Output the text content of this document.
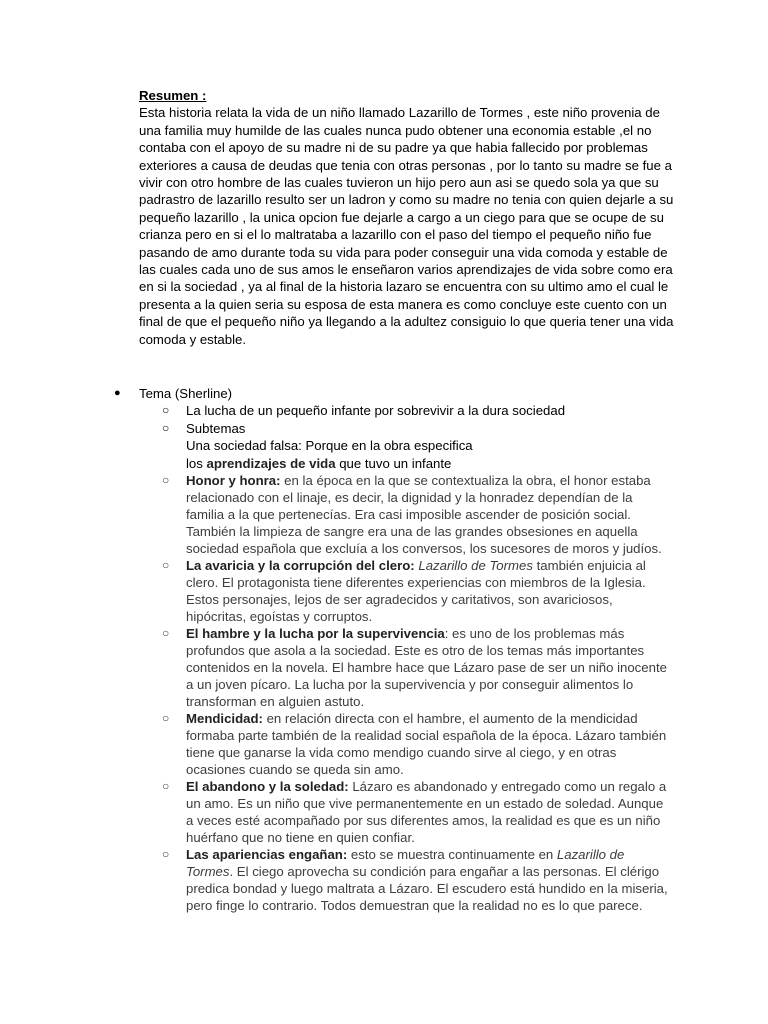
Resumen :
Esta historia relata la vida de un niño llamado Lazarillo de Tormes , este niño provenia de una familia muy humilde de las cuales nunca pudo obtener una economia estable ,el no contaba con el apoyo de su madre ni de su padre ya que habia fallecido por problemas exteriores a causa de deudas que tenia con otras personas , por lo tanto su madre se fue a vivir con otro hombre de las cuales tuvieron un hijo pero aun asi se quedo sola ya que su padrastro de lazarillo resulto ser un ladron y como su madre no tenia con quien dejarle a su pequeño lazarillo , la unica opcion fue dejarle a cargo a un ciego para que se ocupe de su crianza pero en si el lo maltrataba a lazarillo con el paso del tiempo el pequeño niño fue pasando de amo durante toda su vida para poder conseguir una vida comoda y estable de las cuales cada uno de sus amos le enseñaron varios aprendizajes de vida sobre como era en si la sociedad , ya al final de la historia lazaro se encuentra con su ultimo amo el cual le presenta a la quien seria su esposa de esta manera es como concluye este cuento con un final de que el pequeño niño ya llegando a la adultez consiguio lo que queria tener una vida comoda y estable.
● Tema (Sherline)
○ La lucha de un pequeño infante por sobrevivir a la dura sociedad
○ Subtemas
Una sociedad falsa: Porque en la obra especifica
los aprendizajes de vida que tuvo un infante
○ Honor y honra: en la época en la que se contextualiza la obra, el honor estaba relacionado con el linaje, es decir, la dignidad y la honradez dependían de la familia a la que pertenecías. Era casi imposible ascender de posición social. También la limpieza de sangre era una de las grandes obsesiones en aquella sociedad española que excluía a los conversos, los sucesores de moros y judíos.

○ La avaricia y la corrupción del clero: Lazarillo de Tormes también enjuicia al clero. El protagonista tiene diferentes experiencias con miembros de la Iglesia. Estos personajes, lejos de ser agradecidos y caritativos, son avariciosos, hipócritas, egoístas y corruptos.

○ El hambre y la lucha por la supervivencia: es uno de los problemas más profundos que asola a la sociedad. Este es otro de los temas más importantes contenidos en la novela. El hambre hace que Lázaro pase de ser un niño inocente a un joven pícaro. La lucha por la supervivencia y por conseguir alimentos lo transforman en alguien astuto.

○ Mendicidad: en relación directa con el hambre, el aumento de la mendicidad formaba parte también de la realidad social española de la época. Lázaro también tiene que ganarse la vida como mendigo cuando sirve al ciego, y en otras ocasiones cuando se queda sin amo.

○ El abandono y la soledad: Lázaro es abandonado y entregado como un regalo a un amo. Es un niño que vive permanentemente en un estado de soledad. Aunque a veces esté acompañado por sus diferentes amos, la realidad es que es un niño huérfano que no tiene en quien confiar.

○ Las apariencias engañan: esto se muestra continuamente en Lazarillo de Tormes. El ciego aprovecha su condición para engañar a las personas. El clérigo predica bondad y luego maltrata a Lázaro. El escudero está hundido en la miseria, pero finge lo contrario. Todos demuestran que la realidad no es lo que parece.
